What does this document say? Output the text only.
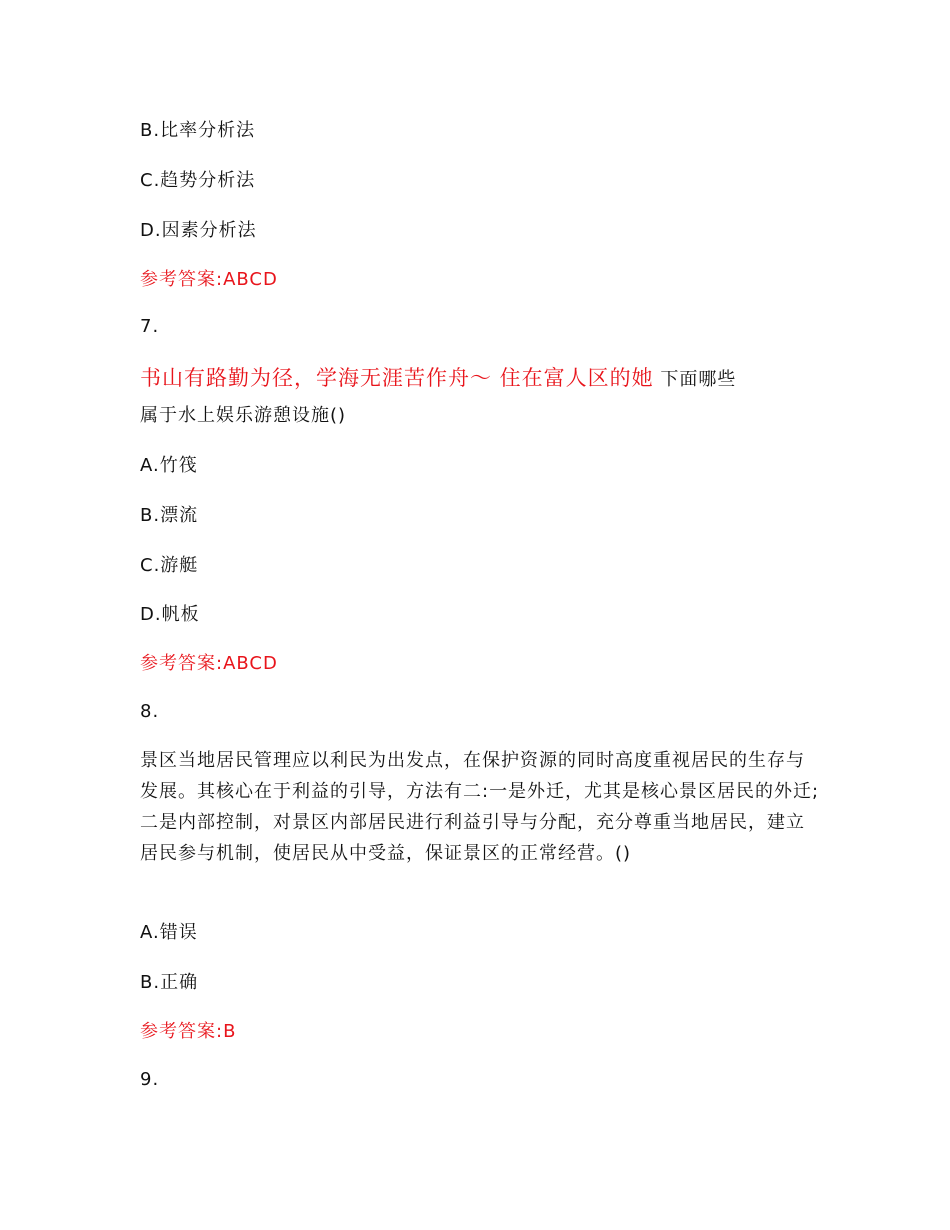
B.比率分析法
C.趋势分析法
D.因素分析法
参考答案:ABCD
7.
书山有路勤为径，学海无涯苦作舟～ 住在富人区的她 下面哪些
属于水上娱乐游憩设施()
A.竹筏
B.漂流
C.游艇
D.帆板
参考答案:ABCD
8.
景区当地居民管理应以利民为出发点，在保护资源的同时高度重视居民的生存与发展。其核心在于利益的引导，方法有二:一是外迁，尤其是核心景区居民的外迁; 二是内部控制，对景区内部居民进行利益引导与分配，充分尊重当地居民，建立居民参与机制，使居民从中受益，保证景区的正常经营。()
A.错误
B.正确
参考答案:B
9.
